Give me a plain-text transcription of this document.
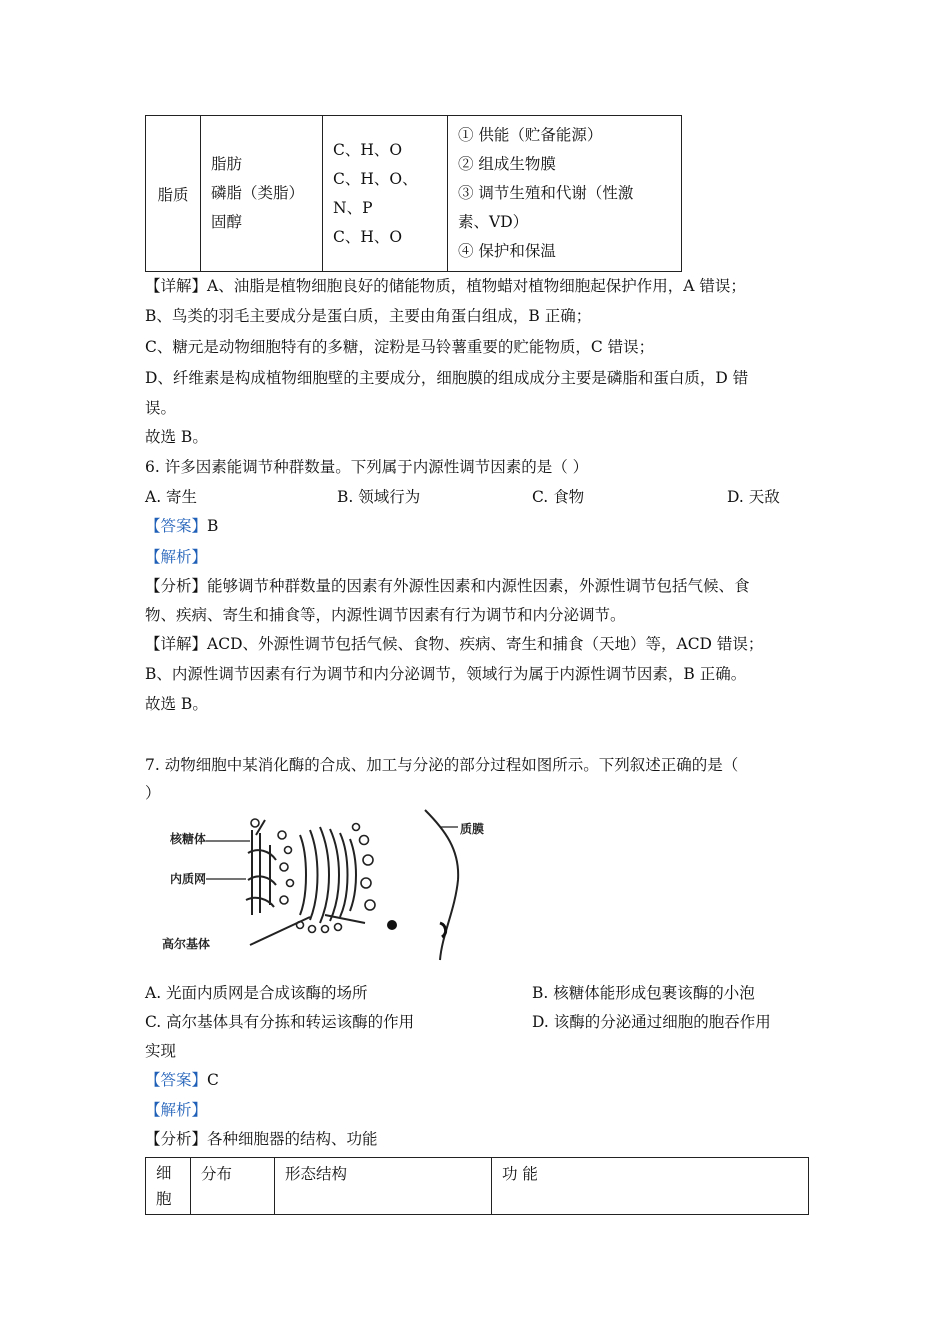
脂质	
脂肪
磷脂（类脂）
固醇

C、H、O
C、H、O、
N、P
C、H、O

① 供能（贮备能源）
② 组成生物膜
③ 调节生殖和代谢（性激
素、VD）
④ 保护和保温
【详解】A、油脂是植物细胞良好的储能物质，植物蜡对植物细胞起保护作用，A 错误；
B、鸟类的羽毛主要成分是蛋白质，主要由角蛋白组成，B 正确；
C、糖元是动物细胞特有的多糖，淀粉是马铃薯重要的贮能物质，C 错误；
D、纤维素是构成植物细胞壁的主要成分，细胞膜的组成成分主要是磷脂和蛋白质，D 错
误。
故选 B。
6. 许多因素能调节种群数量。下列属于内源性调节因素的是（ ）
A. 寄生	B. 领域行为	C. 食物	D. 天敌
【答案】B
【解析】
【分析】能够调节种群数量的因素有外源性因素和内源性因素，外源性调节包括气候、食
物、疾病、寄生和捕食等，内源性调节因素有行为调节和内分泌调节。
【详解】ACD、外源性调节包括气候、食物、疾病、寄生和捕食（天地）等，ACD 错误；
B、内源性调节因素有行为调节和内分泌调节，领域行为属于内源性调节因素，B 正确。
故选 B。
7. 动物细胞中某消化酶的合成、加工与分泌的部分过程如图所示。下列叙述正确的是（
）
核糖体
内质网
高尔基体
质膜
A. 光面内质网是合成该酶的场所	B. 核糖体能形成包裹该酶的小泡
C. 高尔基体具有分拣和转运该酶的作用	D. 该酶的分泌通过细胞的胞吞作用
实现
【答案】C
【解析】
【分析】各种细胞器的结构、功能
细
胞
	分布	形态结构	功 能
